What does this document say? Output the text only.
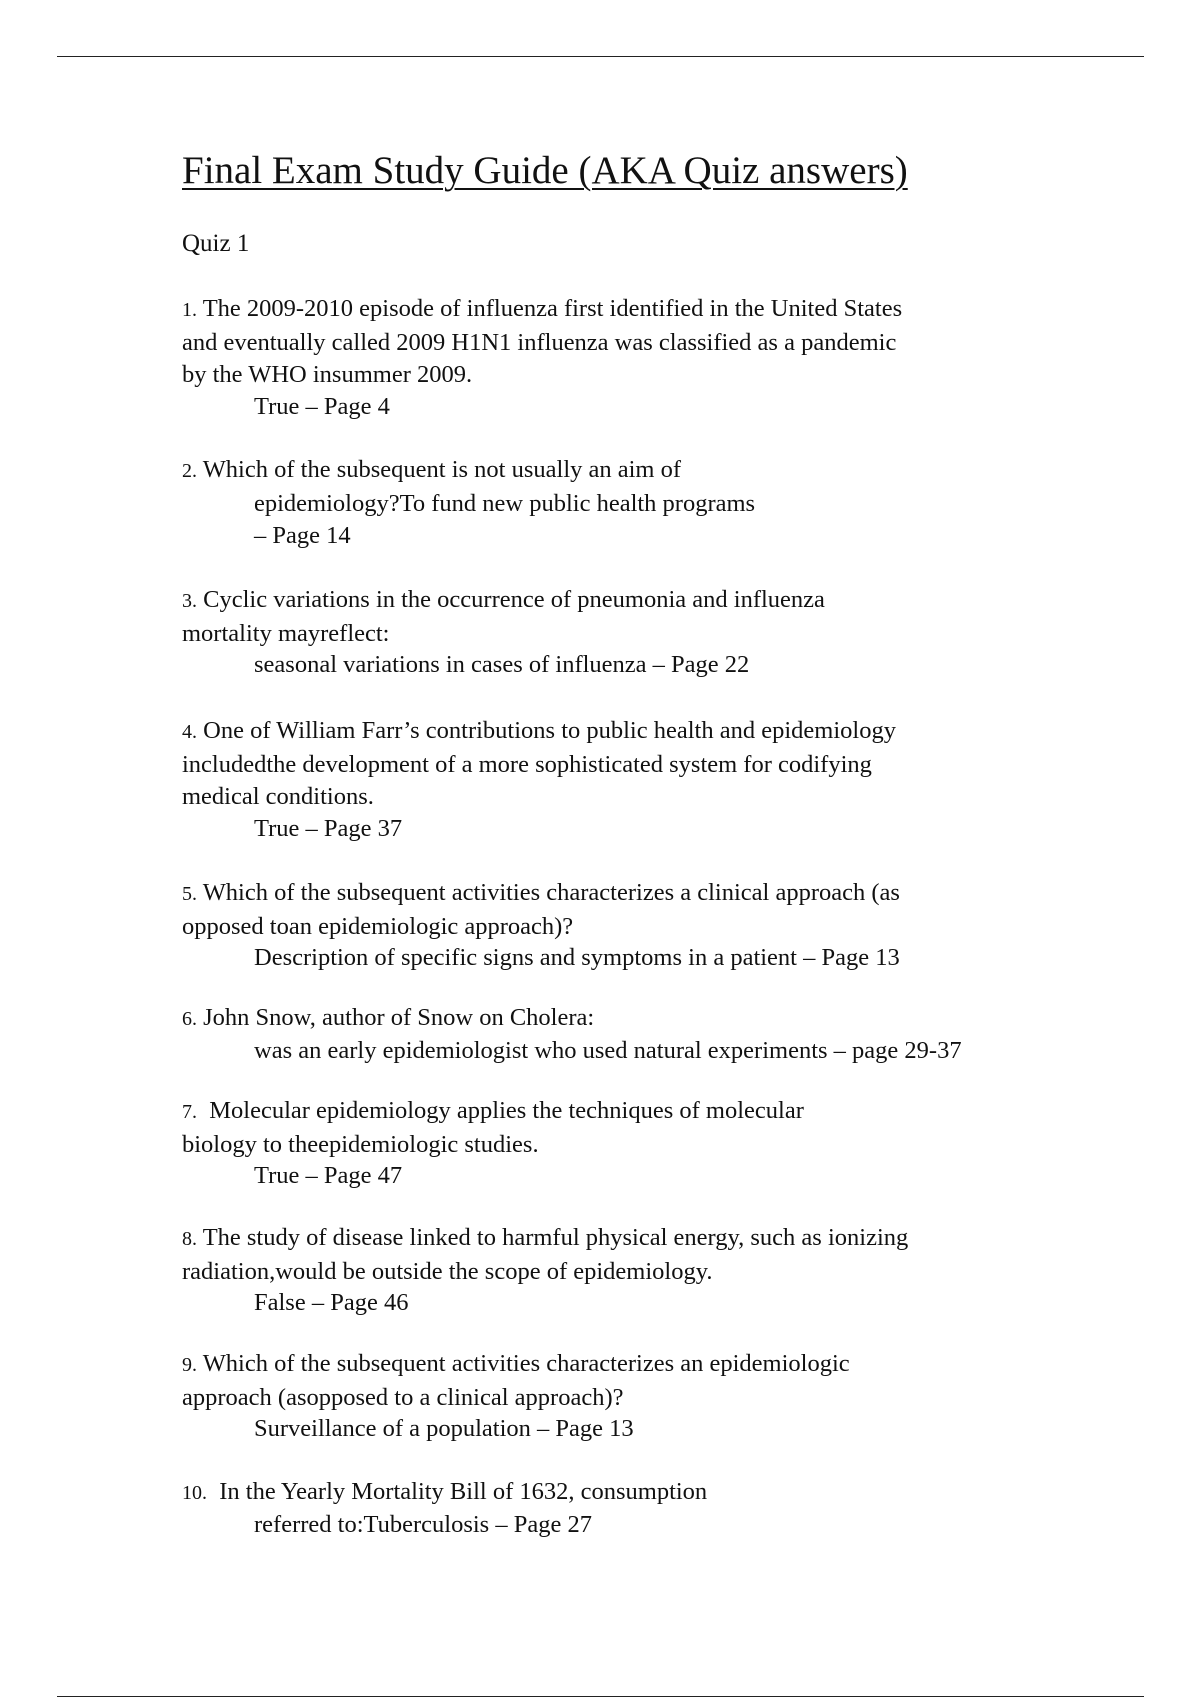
Final Exam Study Guide (AKA Quiz answers)
Quiz 1
1. The 2009-2010 episode of influenza first identified in the United States
and eventually called 2009 H1N1 influenza was classified as a pandemic
by the WHO insummer 2009.
True – Page 4
2. Which of the subsequent is not usually an aim of
epidemiology?To fund new public health programs
– Page 14
3. Cyclic variations in the occurrence of pneumonia and influenza
mortality mayreflect:
seasonal variations in cases of influenza – Page 22
4. One of William Farr’s contributions to public health and epidemiology
includedthe development of a more sophisticated system for codifying
medical conditions.
True – Page 37
5. Which of the subsequent activities characterizes a clinical approach (as
opposed toan epidemiologic approach)?
Description of specific signs and symptoms in a patient – Page 13
6. John Snow, author of Snow on Cholera:
was an early epidemiologist who used natural experiments – page 29-37
7. Molecular epidemiology applies the techniques of molecular
biology to theepidemiologic studies.
True – Page 47
8. The study of disease linked to harmful physical energy, such as ionizing
radiation,would be outside the scope of epidemiology.
False – Page 46
9. Which of the subsequent activities characterizes an epidemiologic
approach (asopposed to a clinical approach)?
Surveillance of a population – Page 13
10. In the Yearly Mortality Bill of 1632, consumption
referred to:Tuberculosis – Page 27
